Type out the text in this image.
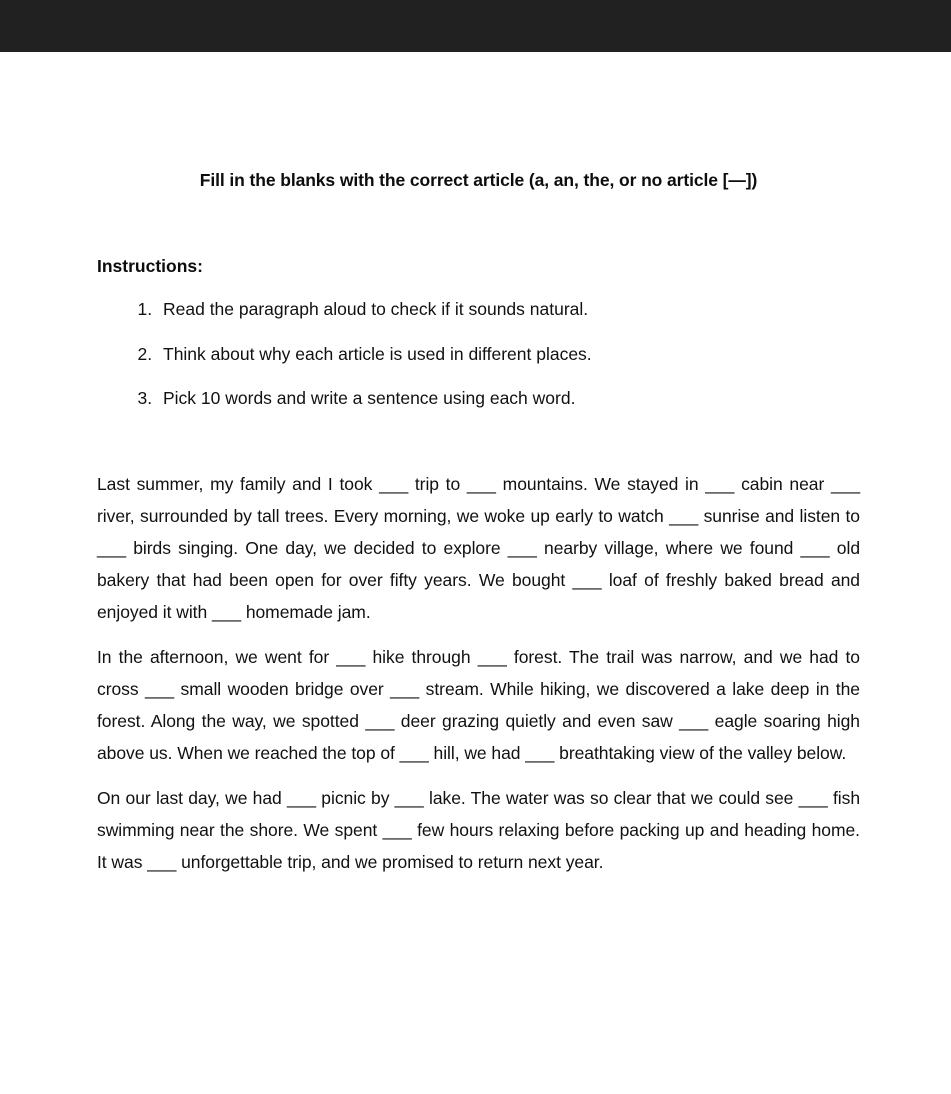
Fill in the blanks with the correct article (a, an, the, or no article [—])
Instructions:
1. Read the paragraph aloud to check if it sounds natural.
2. Think about why each article is used in different places.
3. Pick 10 words and write a sentence using each word.

Last summer, my family and I took ___ trip to ___ mountains. We stayed in ___ cabin near ___ river, surrounded by tall trees. Every morning, we woke up early to watch ___ sunrise and listen to ___ birds singing. One day, we decided to explore ___ nearby village, where we found ___ old bakery that had been open for over fifty years. We bought ___ loaf of freshly baked bread and enjoyed it with ___ homemade jam.

In the afternoon, we went for ___ hike through ___ forest. The trail was narrow, and we had to cross ___ small wooden bridge over ___ stream. While hiking, we discovered a lake deep in the forest. Along the way, we spotted ___ deer grazing quietly and even saw ___ eagle soaring high above us. When we reached the top of ___ hill, we had ___ breathtaking view of the valley below.

On our last day, we had ___ picnic by ___ lake. The water was so clear that we could see ___ fish swimming near the shore. We spent ___ few hours relaxing before packing up and heading home. It was ___ unforgettable trip, and we promised to return next year.
